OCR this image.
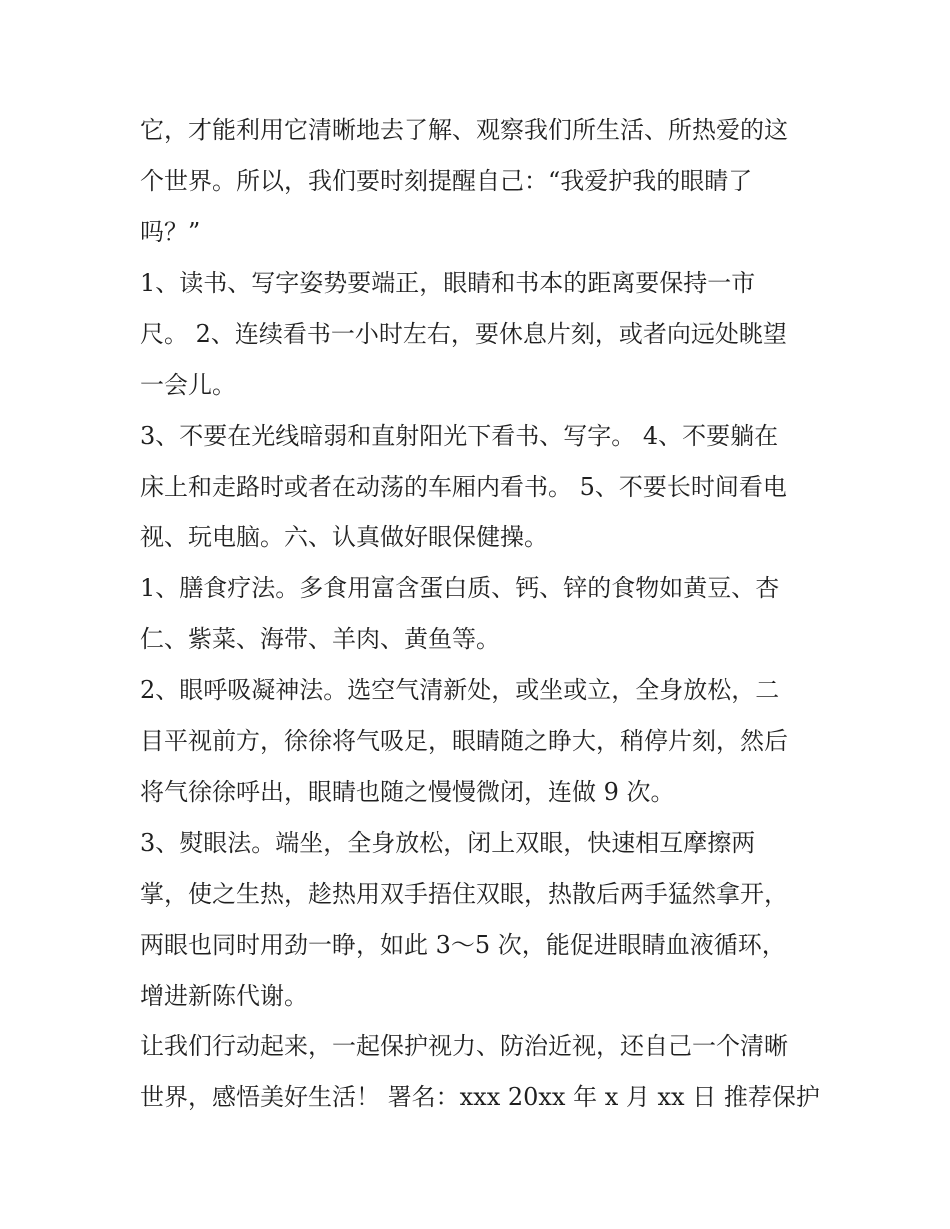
它，才能利用它清晰地去了解、观察我们所生活、所热爱的这
个世界。所以，我们要时刻提醒自己：“我爱护我的眼睛了
吗？”
1、读书、写字姿势要端正，眼睛和书本的距离要保持一市
尺。 2、连续看书一小时左右，要休息片刻，或者向远处眺望
一会儿。
3、不要在光线暗弱和直射阳光下看书、写字。 4、不要躺在
床上和走路时或者在动荡的车厢内看书。 5、不要长时间看电
视、玩电脑。六、认真做好眼保健操。
1、膳食疗法。多食用富含蛋白质、钙、锌的食物如黄豆、杏
仁、紫菜、海带、羊肉、黄鱼等。
2、眼呼吸凝神法。选空气清新处，或坐或立，全身放松，二
目平视前方，徐徐将气吸足，眼睛随之睁大，稍停片刻，然后
将气徐徐呼出，眼睛也随之慢慢微闭，连做 9 次。
3、熨眼法。端坐，全身放松，闭上双眼，快速相互摩擦两
掌，使之生热，趁热用双手捂住双眼，热散后两手猛然拿开，
两眼也同时用劲一睁，如此 3～5 次，能促进眼睛血液循环，
增进新陈代谢。
让我们行动起来，一起保护视力、防治近视，还自己一个清晰
世界，感悟美好生活！ 署名：xxx 20xx 年 x 月 xx 日 推荐保护
